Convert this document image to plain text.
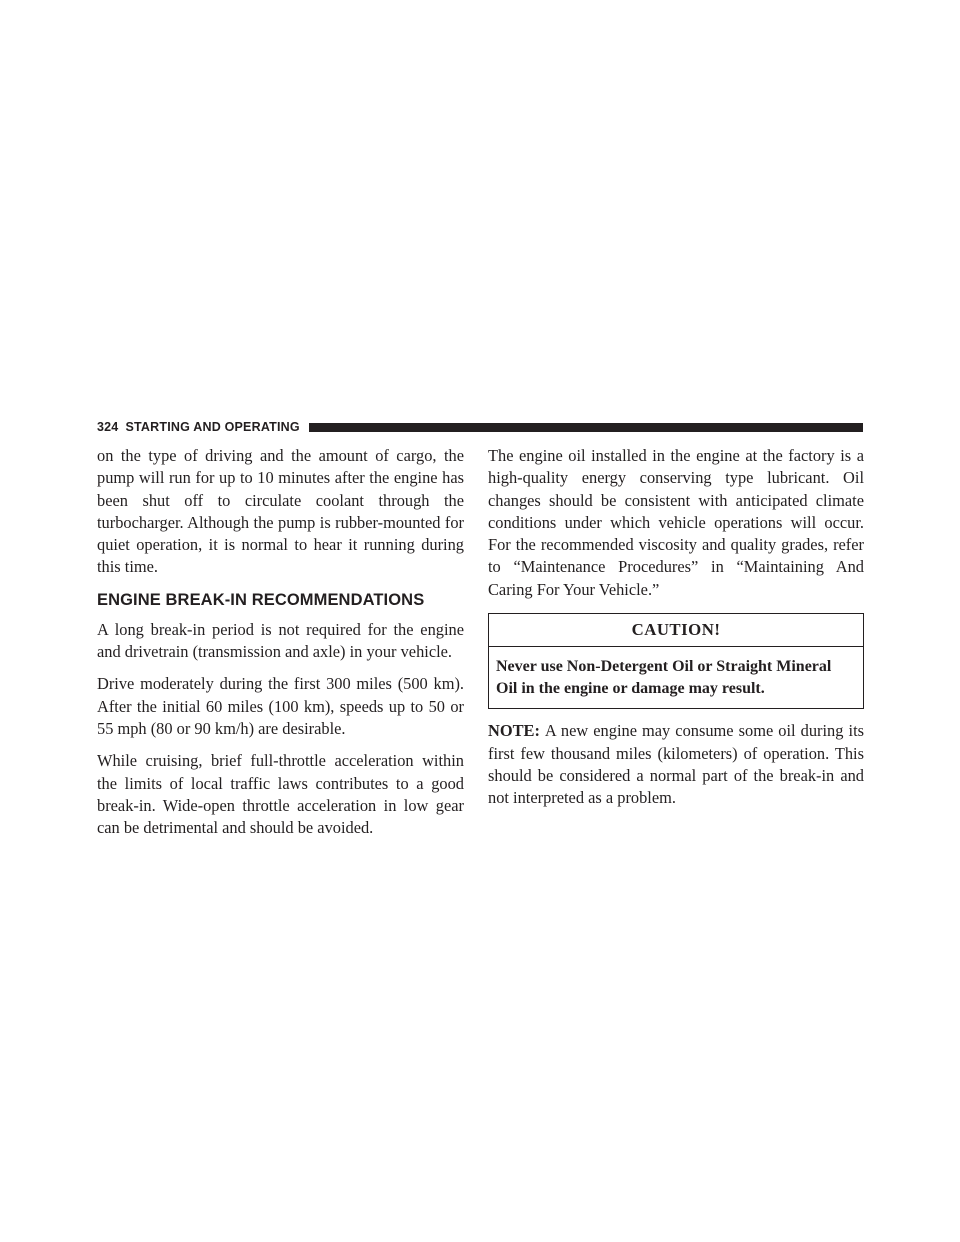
324 STARTING AND OPERATING

on the type of driving and the amount of cargo, the pump will run for up to 10 minutes after the engine has been shut off to circulate coolant through the turbocharger. Although the pump is rubber-mounted for quiet operation, it is normal to hear it running during this time.

ENGINE BREAK-IN RECOMMENDATIONS

A long break-in period is not required for the engine and drivetrain (transmission and axle) in your vehicle.

Drive moderately during the first 300 miles (500 km). After the initial 60 miles (100 km), speeds up to 50 or 55 mph (80 or 90 km/h) are desirable.

While cruising, brief full-throttle acceleration within the limits of local traffic laws contributes to a good break-in. Wide-open throttle acceleration in low gear can be detrimental and should be avoided.

The engine oil installed in the engine at the factory is a high-quality energy conserving type lubricant. Oil changes should be consistent with anticipated climate conditions under which vehicle operations will occur. For the recommended viscosity and quality grades, refer to “Maintenance Procedures” in “Maintaining And Caring For Your Vehicle.”

CAUTION!
Never use Non-Detergent Oil or Straight Mineral Oil in the engine or damage may result.

NOTE: A new engine may consume some oil during its first few thousand miles (kilometers) of operation. This should be considered a normal part of the break-in and not interpreted as a problem.
